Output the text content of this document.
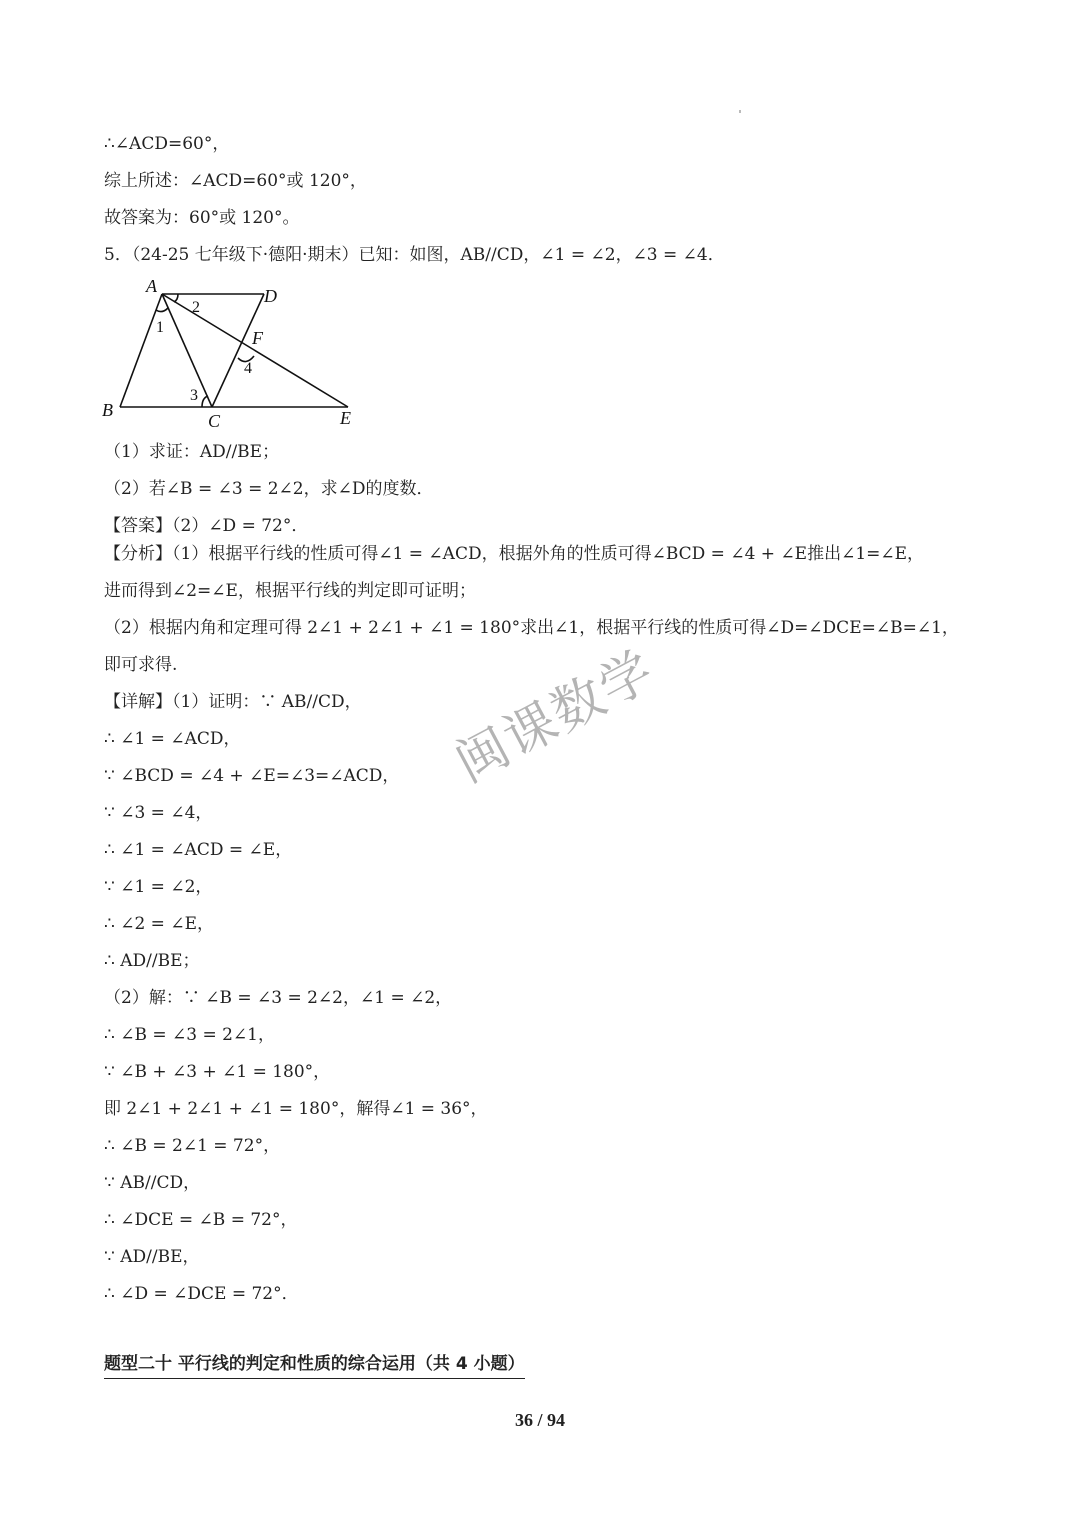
∴∠ACD=60°，
综上所述：∠ACD=60°或 120°，
故答案为：60°或 120°。
5．（24-25 七年级下·德阳·期末）已知：如图，AB//CD，∠1 = ∠2，∠3 = ∠4．
A	D
B
C	E
F
1
2
3
4
（1）求证：AD//BE；
（2）若∠B = ∠3 = 2∠2，求∠D的度数．
【答案】（2）∠D = 72°．
【分析】（1）根据平行线的性质可得∠1 = ∠ACD，根据外角的性质可得∠BCD = ∠4 + ∠E推出∠1=∠E，
进而得到∠2=∠E，根据平行线的判定即可证明；
（2）根据内角和定理可得 2∠1 + 2∠1 + ∠1 = 180°求出∠1，根据平行线的性质可得∠D=∠DCE=∠B=∠1，
即可求得.
【详解】（1）证明：∵ AB//CD，
∴ ∠1 = ∠ACD，
∵ ∠BCD = ∠4 + ∠E=∠3=∠ACD，
∵ ∠3 = ∠4，
∴ ∠1 = ∠ACD = ∠E，
∵ ∠1 = ∠2，
∴ ∠2 = ∠E，
∴ AD//BE；
（2）解：∵ ∠B = ∠3 = 2∠2，∠1 = ∠2，
∴ ∠B = ∠3 = 2∠1，
∵ ∠B + ∠3 + ∠1 = 180°，
即 2∠1 + 2∠1 + ∠1 = 180°，解得∠1 = 36°，
∴ ∠B = 2∠1 = 72°，
∵ AB//CD，
∴ ∠DCE = ∠B = 72°，
∵ AD//BE，
∴ ∠D = ∠DCE = 72°．
闽课数学
题型二十 平行线的判定和性质的综合运用（共 4 小题）
36 / 94
